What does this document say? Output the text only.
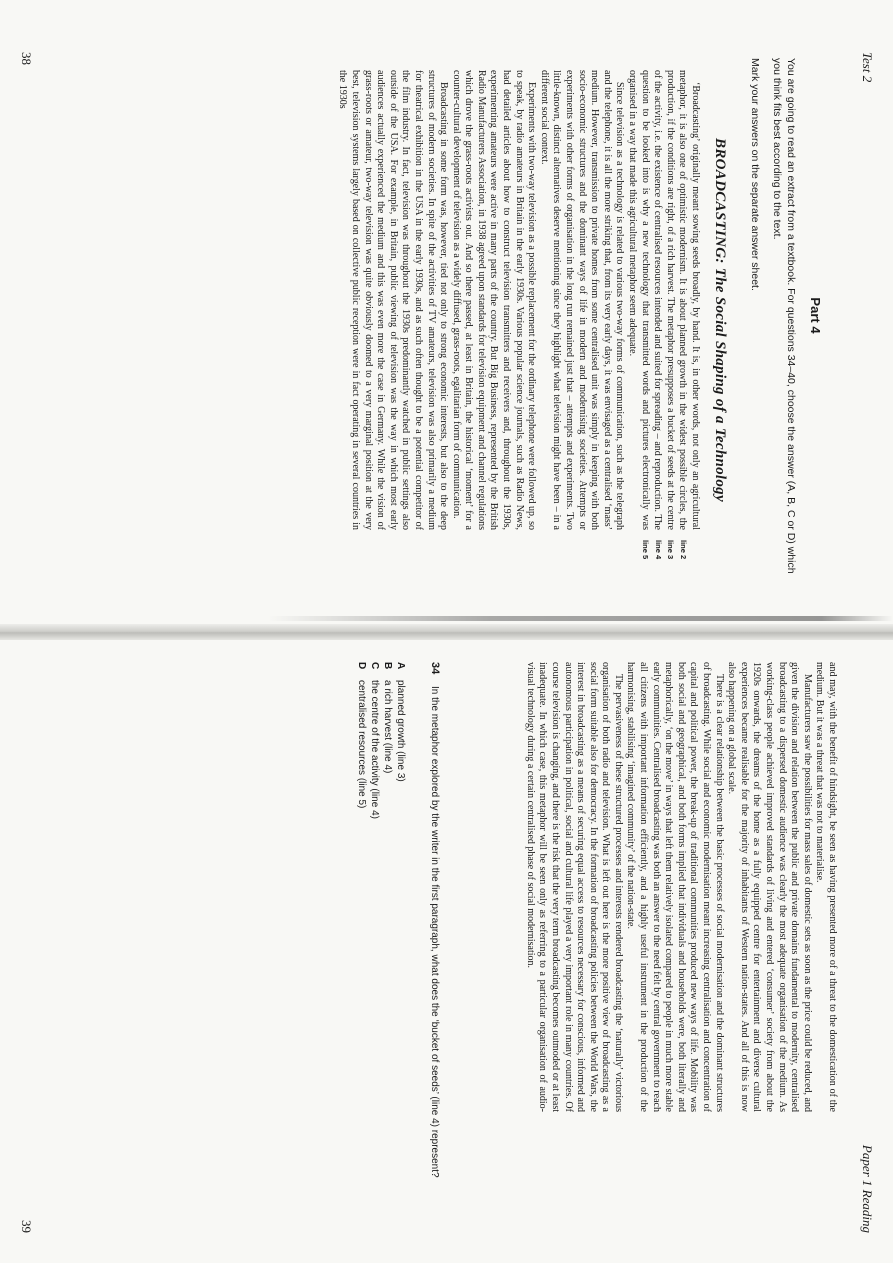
Test 2
Part 4

You are going to read an extract from a textbook. For questions 34–40, choose the answer (A, B, C or D) which you think fits best according to the text.

Mark your answers on the separate answer sheet.

BROADCASTING: The Social Shaping of a Technology

‘Broadcasting’ originally meant sowing seeds broadly, by hand. It is, in other words, not only an agricultural metaphor, it is also one of optimistic modernism. It is about planned growth in the widest possible circles, the production, if the conditions are right, of a rich harvest. The metaphor presupposes a bucket of seeds at the centre of the activity, i.e. the existence of centralised resources intended and suited for spreading – and reproduction. The question to be looked into is why a new technology that transmitted words and pictures electronically was organised in a way that made this agricultural metaphor seem adequate.

Since television as a technology is related to various two-way forms of communication, such as the telegraph and the telephone, it is all the more striking that, from its very early days, it was envisaged as a centralised ‘mass’ medium. However, transmission to private homes from some centralised unit was simply in keeping with both socio-economic structures and the dominant ways of life in modern and modernising societies. Attempts or experiments with other forms of organisation in the long run remained just that – attempts and experiments. Two little-known, distinct alternatives deserve mentioning since they highlight what television might have been – in a different social context.

Experiments with two-way television as a possible replacement for the ordinary telephone were followed up, so to speak, by radio amateurs in Britain in the early 1930s. Various popular science journals, such as Radio News, had detailed articles about how to construct television transmitters and receivers and, throughout the 1930s, experimenting amateurs were active in many parts of the country. But Big Business, represented by the British Radio Manufacturers Association, in 1938 agreed upon standards for television equipment and channel regulations which drove the grass-roots activists out. And so there passed, at least in Britain, the historical ‘moment’ for a counter-cultural development of television as a widely diffused, grass-roots, egalitarian form of communication.

Broadcasting in some form was, however, tied not only to strong economic interests, but also to the deep structures of modern societies. In spite of the activities of TV amateurs, television was also primarily a medium for theatrical exhibition in the USA in the early 1930s, and as such often thought to be a potential competitor of the film industry. In fact, television was throughout the 1930s predominantly watched in public settings also outside of the USA. For example, in Britain, public viewing of television was the way in which most early audiences actually experienced the medium and this was even more the case in Germany. While the vision of grass-roots or amateur, two-way television was quite obviously doomed to a very marginal position at the very best, television systems largely based on collective public reception were in fact operating in several countries in the 1930s

line 2
line 3
line 4
line 5
38
Paper 1 Reading

and may, with the benefit of hindsight, be seen as having presented more of a threat to the domestication of the medium. But it was a threat that was not to materialise.

Manufacturers saw the possibilities for mass sales of domestic sets as soon as the price could be reduced, and given the division and relation between the public and private domains fundamental to modernity, centralised broadcasting to a dispersed domestic audience was clearly the most adequate organisation of the medium. As working-class people achieved improved standards of living and entered ‘consumer’ society from about the 1920s onwards, the dreams of the home as a fully equipped centre for entertainment and diverse cultural experiences became realisable for the majority of inhabitants of Western nation-states. And all of this is now also happening on a global scale.

There is a clear relationship between the basic processes of social modernisation and the dominant structures of broadcasting. While social and economic modernisation meant increasing centralisation and concentration of capital and political power, the break-up of traditional communities produced new ways of life. Mobility was both social and geographical, and both forms implied that individuals and households were, both literally and metaphorically, ‘on the move’ in ways that left them relatively isolated compared to people in much more stable early communities. Centralised broadcasting was both an answer to the need felt by central government to reach all citizens with important information efficiently, and a highly useful instrument in the production of the harmonising, stabilising ‘imagined community’ of the nation-state.

The pervasiveness of these structured processes and interests rendered broadcasting the ‘naturally’ victorious organisation of both radio and television. What is left out here is the more positive view of broadcasting as a social form suitable also for democracy. In the formation of broadcasting policies between the World Wars, the interest in broadcasting as a means of securing equal access to resources necessary for conscious, informed and autonomous participation in political, social and cultural life played a very important role in many countries. Of course television is changing, and there is the risk that the very term broadcasting becomes outmoded or at least inadequate. In which case, this metaphor will be seen only as referring to a particular organisation of audio-visual technology during a certain centralised phase of social modernisation.

34
In the metaphor explored by the writer in the first paragraph, what does the ‘bucket of seeds’ (line 4) represent?
A
planned growth (line 3)
B
a rich harvest (line 4)
C
the centre of the activity (line 4)
D
centralised resources (line 5)
39
